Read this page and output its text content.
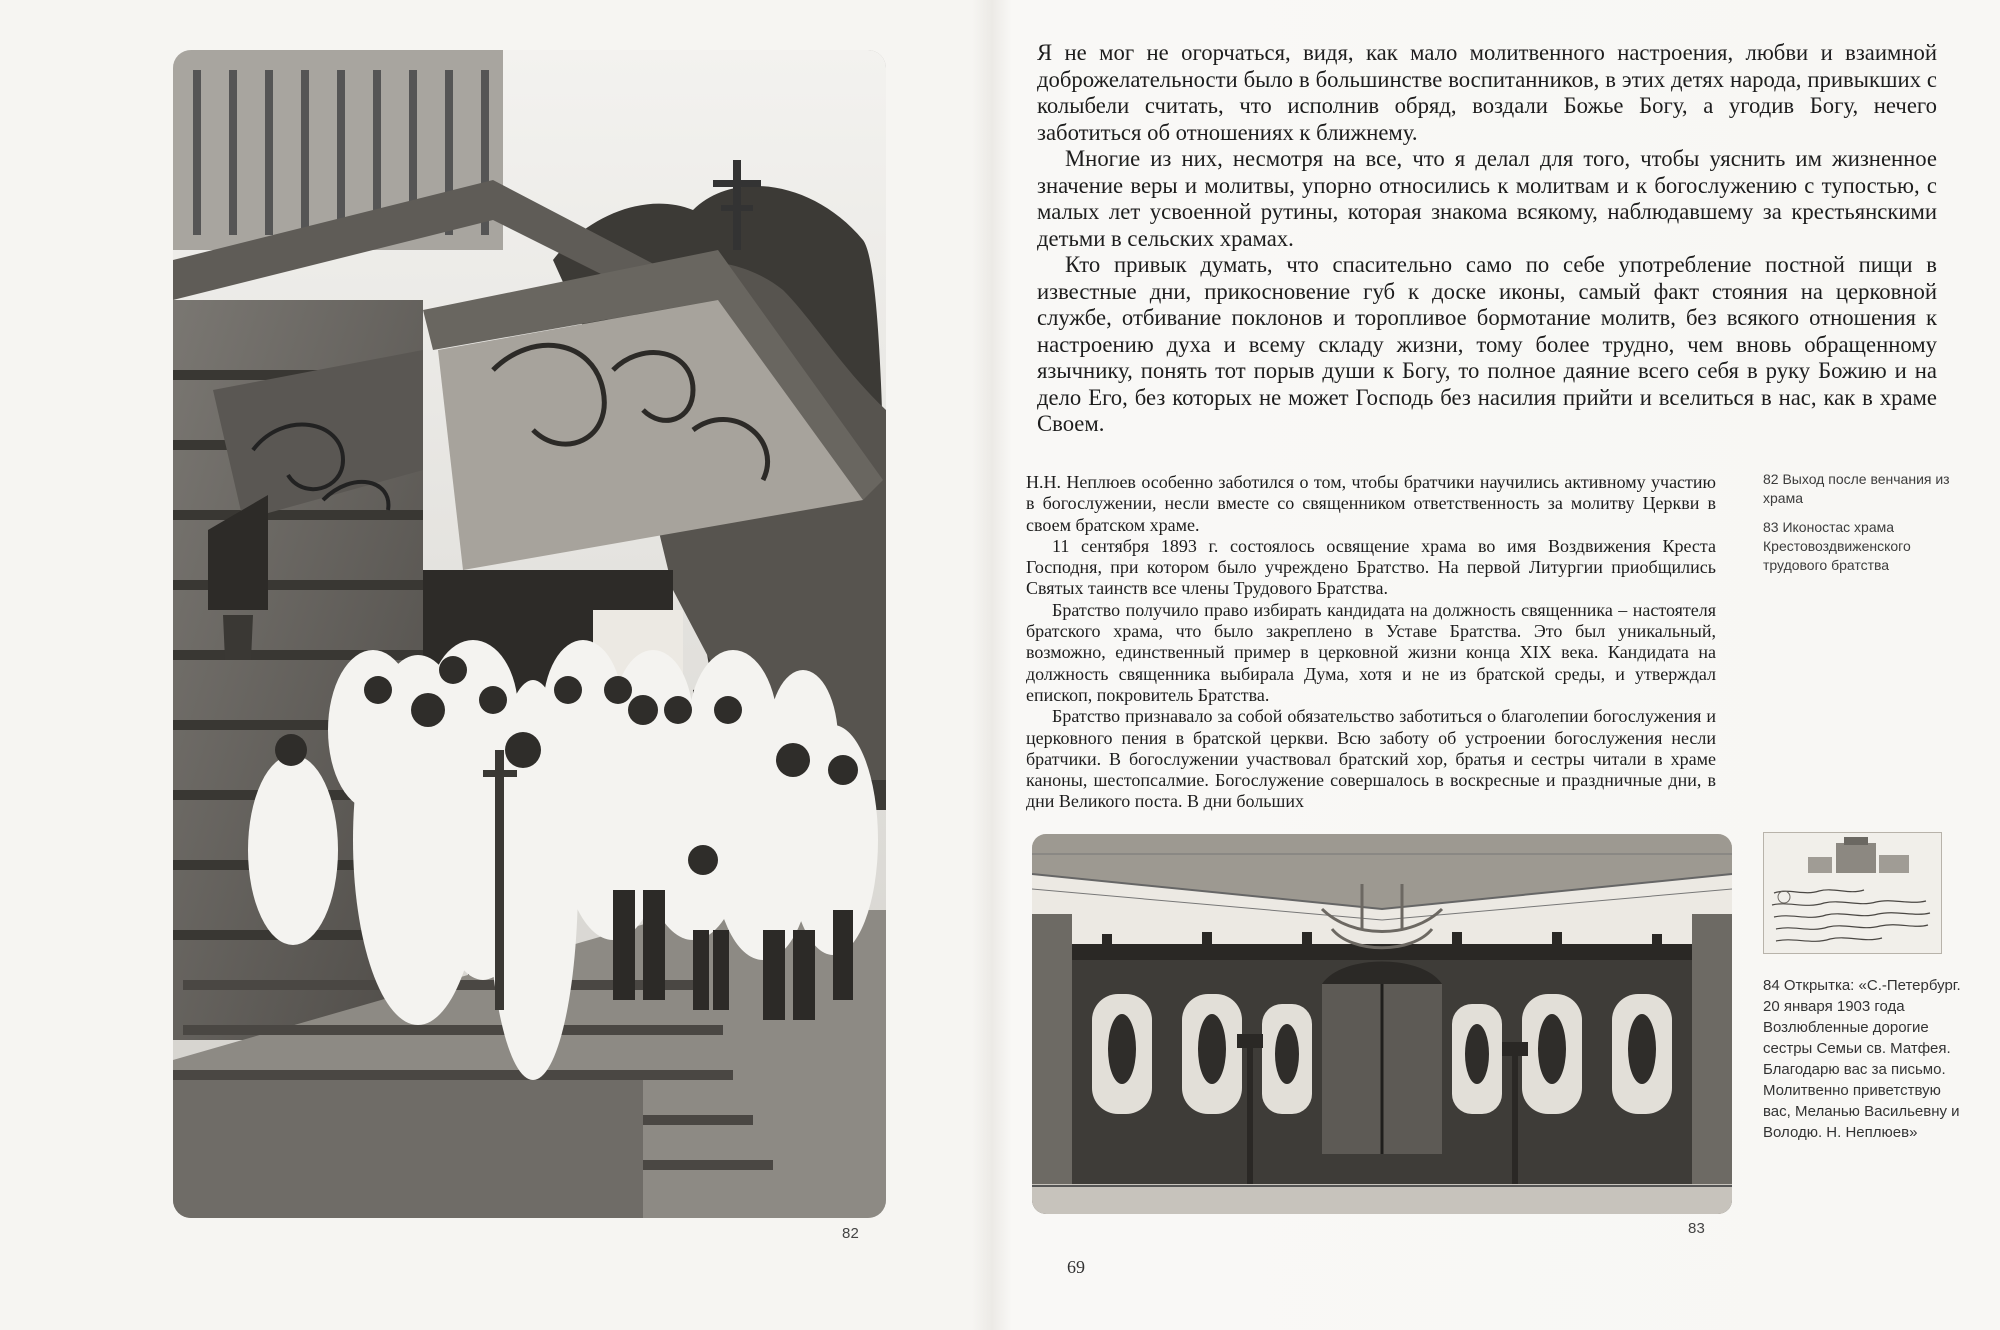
82

Я не мог не огорчаться, видя, как мало молитвенного настроения, любви и взаимной доброжелательности было в большинстве воспитанников, в этих детях народа, привыкших с колыбели считать, что исполнив обряд, воздали Божье Богу, а угодив Богу, нечего заботиться об отношениях к ближнему.

Многие из них, несмотря на все, что я делал для того, чтобы уяснить им жизненное значение веры и молитвы, упорно относились к молитвам и к богослужению с тупостью, с малых лет усвоенной рутины, которая знакома всякому, наблюдавшему за крестьянскими детьми в сельских храмах.

Кто привык думать, что спасительно само по себе употребление постной пищи в известные дни, прикосновение губ к доске иконы, самый факт стояния на церковной службе, отбивание поклонов и торопливое бормотание молитв, без всякого отношения к настроению духа и всему складу жизни, тому более трудно, чем вновь обращенному язычнику, понять тот порыв души к Богу, то полное даяние всего себя в руку Божию и на дело Его, без которых не может Господь без насилия прийти и вселиться в нас, как в храме Своем.

Н.Н. Неплюев особенно заботился о том, чтобы братчики научились активному участию в богослужении, несли вместе со священником ответственность за молитву Церкви в своем братском храме.

11 сентября 1893 г. состоялось освящение храма во имя Воздвижения Креста Господня, при котором было учреждено Братство. На первой Литургии приобщились Святых таинств все члены Трудового Братства.

Братство получило право избирать кандидата на должность священника – настоятеля братского храма, что было закреплено в Уставе Братства. Это был уникальный, возможно, единственный пример в церковной жизни конца XIX века. Кандидата на должность священника выбирала Дума, хотя и не из братской среды, и утверждал епископ, покровитель Братства.

Братство признавало за собой обязательство заботиться о благолепии богослужения и церковного пения в братской церкви. Всю заботу об устроении богослужения несли братчики. В богослужении участвовал братский хор, братья и сестры читали в храме каноны, шестопсалмие. Богослужение совершалось в воскресные и праздничные дни, в дни Великого поста. В дни больших

82 Выход после венчания из храма
83 Иконостас храма Крестовоздвиженского трудового братства
83
84 Открытка: «С.-Петербург. 20 января 1903 года Возлюбленные дорогие сестры Семьи св. Матфея. Благодарю вас за письмо. Молитвенно приветствую вас, Меланью Васильевну и Володю. Н. Неплюев»
69
